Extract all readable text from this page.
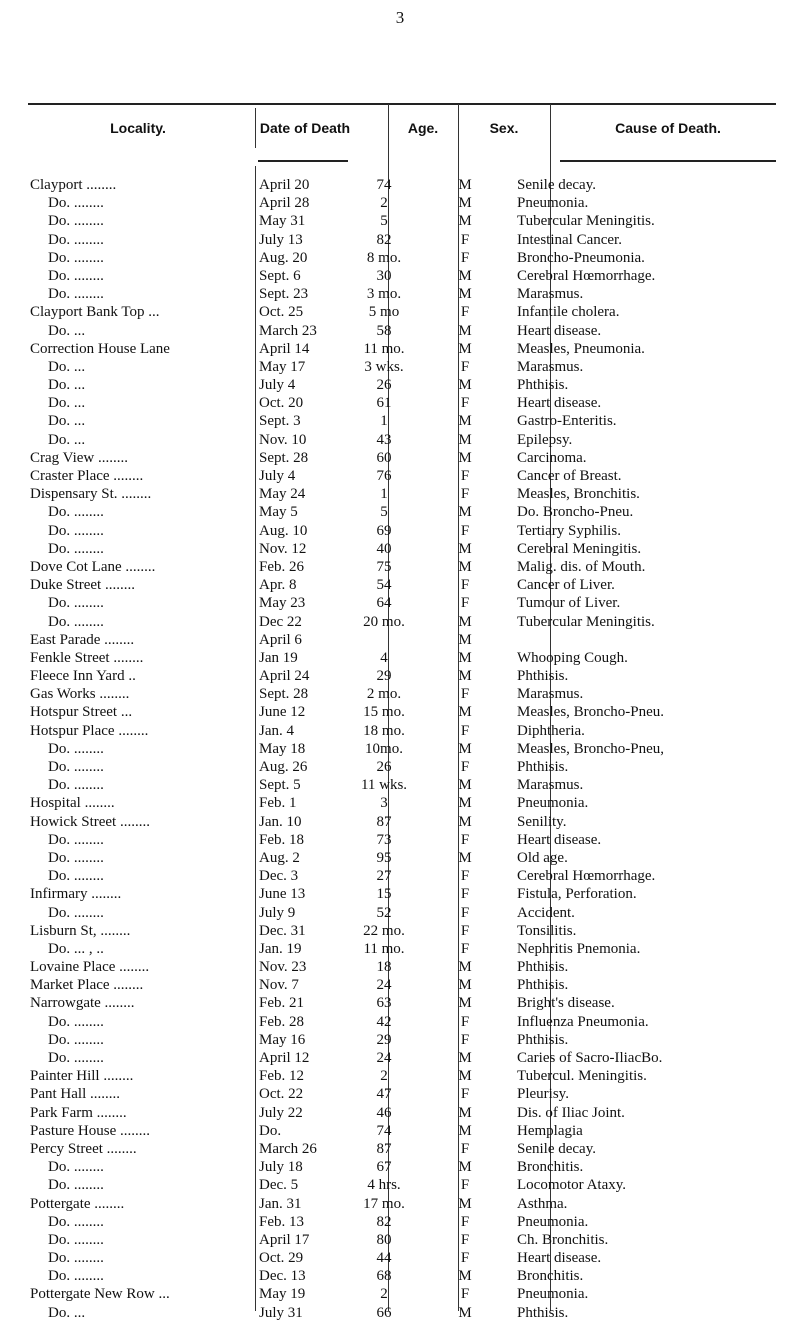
3
Locality.	Date of Death	Age.	Sex.	Cause of Death.
Clayport ........	April 20	74	M	Senile decay.
Do. ........	April 28	2	M	Pneumonia.
Do. ........	May 31	5	M	Tubercular Meningitis.
Do. ........	July 13	82	F	Intestinal Cancer.
Do. ........	Aug. 20	8 mo.	F	Broncho-Pneumonia.
Do. ........	Sept. 6	30	M	Cerebral Hœmorrhage.
Do. ........	Sept. 23	3 mo.	M	Marasmus.
Clayport Bank Top ...	Oct. 25	5 mo	F	Infantile cholera.
Do. ...	March 23	58	M	Heart disease.
Correction House Lane	April 14	11 mo.	M	Measles, Pneumonia.
Do. ...	May 17	3 wks.	F	Marasmus.
Do. ...	July 4	26	M	Phthisis.
Do. ...	Oct. 20	61	F	Heart disease.
Do. ...	Sept. 3	1	M	Gastro-Enteritis.
Do. ...	Nov. 10	43	M	Epilepsy.
Crag View ........	Sept. 28	60	M	Carcinoma.
Craster Place ........	July 4	76	F	Cancer of Breast.
Dispensary St. ........	May 24	1	F	Measles, Bronchitis.
Do. ........	May 5	5	M	Do. Broncho-Pneu.
Do. ........	Aug. 10	69	F	Tertiary Syphilis.
Do. ........	Nov. 12	40	M	Cerebral Meningitis.
Dove Cot Lane ........	Feb. 26	75	M	Malig. dis. of Mouth.
Duke Street ........	Apr. 8	54	F	Cancer of Liver.
Do. ........	May 23	64	F	Tumour of Liver.
Do. ........	Dec 22	20 mo.	M	Tubercular Meningitis.
East Parade ........	April 6		M	
Fenkle Street ........	Jan 19	4	M	Whooping Cough.
Fleece Inn Yard ..	April 24	29	M	Phthisis.
Gas Works ........	Sept. 28	2 mo.	F	Marasmus.
Hotspur Street ...	June 12	15 mo.	M	Measles, Broncho-Pneu.
Hotspur Place ........	Jan. 4	18 mo.	F	Diphtheria.
Do. ........	May 18	10mo.	M	Measles, Broncho-Pneu,
Do. ........	Aug. 26	26	F	Phthisis.
Do. ........	Sept. 5	11 wks.	M	Marasmus.
Hospital ........	Feb. 1	3	M	Pneumonia.
Howick Street ........	Jan. 10	87	M	Senility.
Do. ........	Feb. 18	73	F	Heart disease.
Do. ........	Aug. 2	95	M	Old age.
Do. ........	Dec. 3	27	F	Cerebral Hœmorrhage.
Infirmary ........	June 13	15	F	Fistula, Perforation.
Do. ........	July 9	52	F	Accident.
Lisburn St, ........	Dec. 31	22 mo.	F	Tonsilitis.
Do. ... , ..	Jan. 19	11 mo.	F	Nephritis Pnemonia.
Lovaine Place ........	Nov. 23	18	M	Phthisis.
Market Place ........	Nov. 7	24	M	Phthisis.
Narrowgate ........	Feb. 21	63	M	Bright's disease.
Do. ........	Feb. 28	42	F	Influenza Pneumonia.
Do. ........	May 16	29	F	Phthisis.
Do. ........	April 12	24	M	Caries of Sacro-IliacBo.
Painter Hill ........	Feb. 12	2	M	Tubercul. Meningitis.
Pant Hall ........	Oct. 22	47	F	Pleurisy.
Park Farm ........	July 22	46	M	Dis. of Iliac Joint.
Pasture House ........	Do.	74	M	Hemplagia
Percy Street ........	March 26	87	F	Senile decay.
Do. ........	July 18	67	M	Bronchitis.
Do. ........	Dec. 5	4 hrs.	F	Locomotor Ataxy.
Pottergate ........	Jan. 31	17 mo.	M	Asthma.
Do. ........	Feb. 13	82	F	Pneumonia.
Do. ........	April 17	80	F	Ch. Bronchitis.
Do. ........	Oct. 29	44	F	Heart disease.
Do. ........	Dec. 13	68	M	Bronchitis.
Pottergate New Row ...	May 19	2	F	Pneumonia.
Do. ...	July 31	66	M	Phthisis.
